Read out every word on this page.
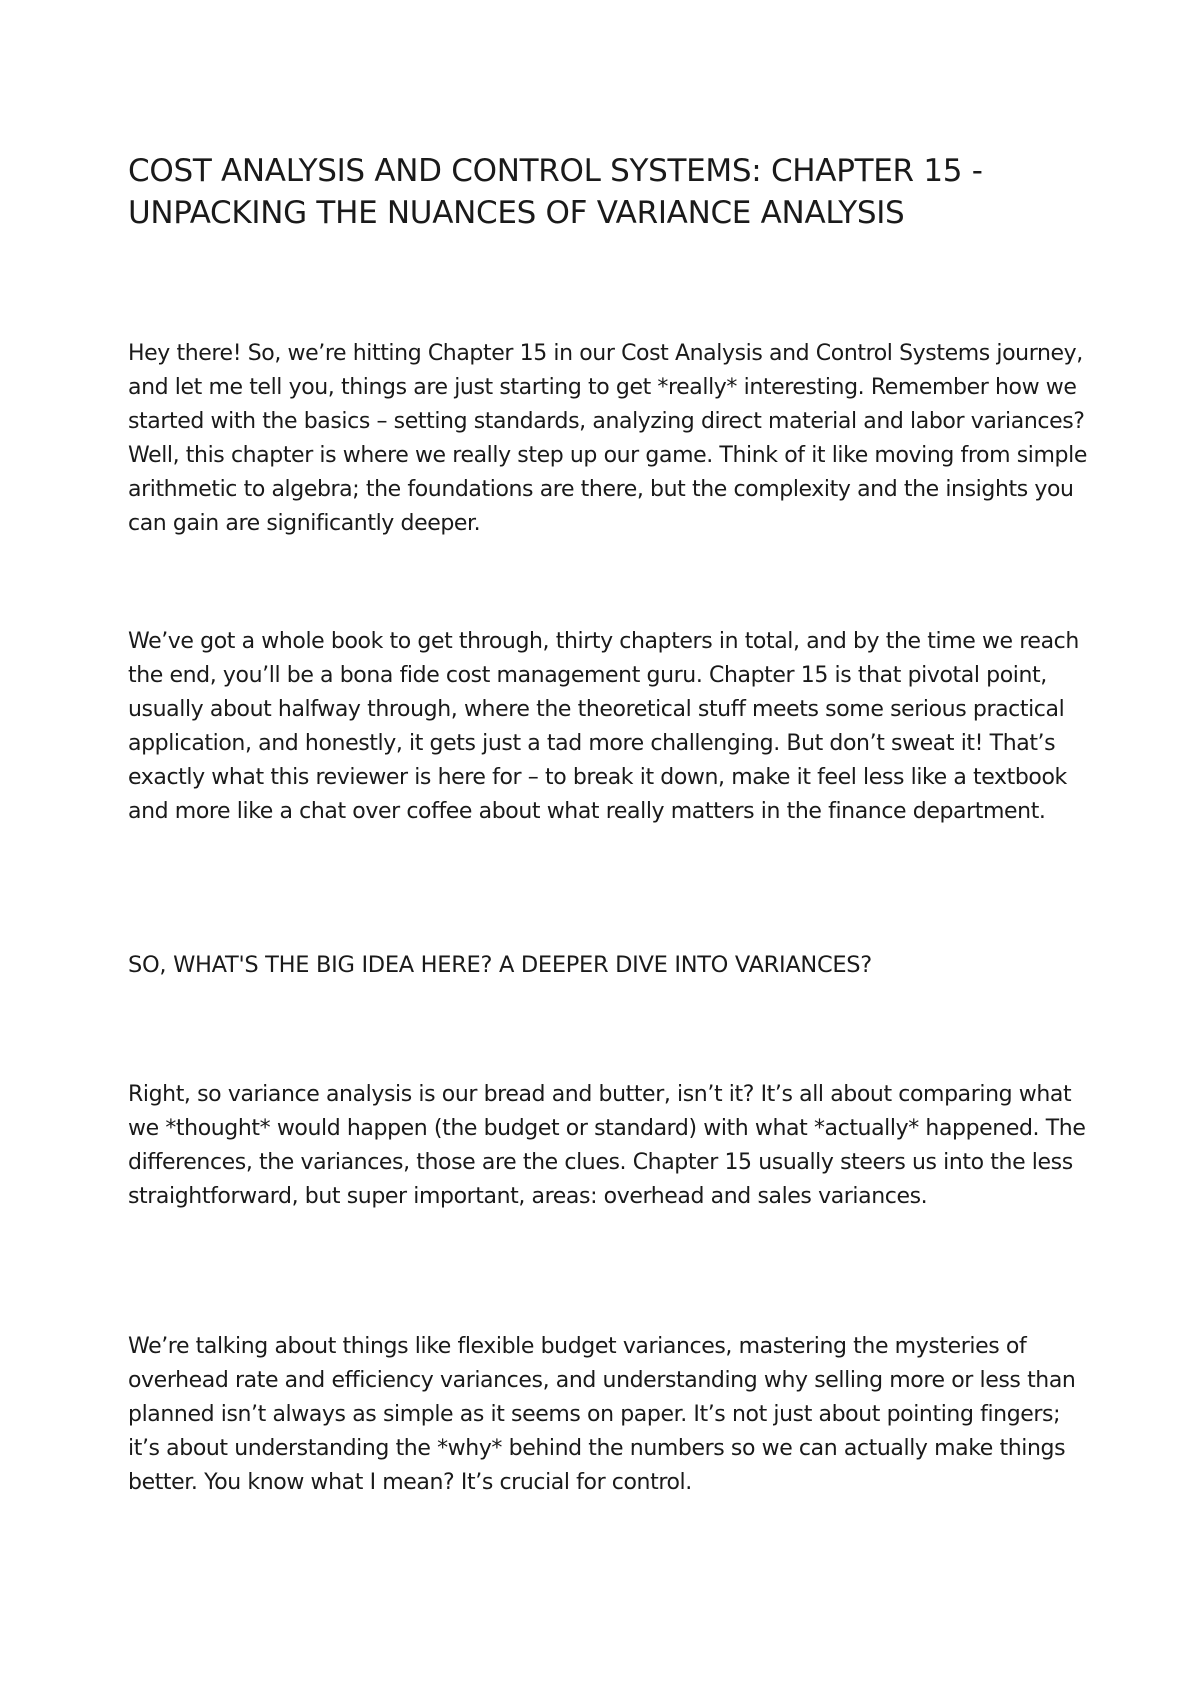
COST ANALYSIS AND CONTROL SYSTEMS: CHAPTER 15 - UNPACKING THE NUANCES OF VARIANCE ANALYSIS

Hey there! So, we’re hitting Chapter 15 in our Cost Analysis and Control Systems journey, and let me tell you, things are just starting to get *really* interesting. Remember how we started with the basics – setting standards, analyzing direct material and labor variances? Well, this chapter is where we really step up our game. Think of it like moving from simple arithmetic to algebra; the foundations are there, but the complexity and the insights you can gain are significantly deeper.

We’ve got a whole book to get through, thirty chapters in total, and by the time we reach the end, you’ll be a bona fide cost management guru. Chapter 15 is that pivotal point, usually about halfway through, where the theoretical stuff meets some serious practical application, and honestly, it gets just a tad more challenging. But don’t sweat it! That’s exactly what this reviewer is here for – to break it down, make it feel less like a textbook and more like a chat over coffee about what really matters in the finance department.

SO, WHAT'S THE BIG IDEA HERE? A DEEPER DIVE INTO VARIANCES?

Right, so variance analysis is our bread and butter, isn’t it? It’s all about comparing what we *thought* would happen (the budget or standard) with what *actually* happened. The differences, the variances, those are the clues. Chapter 15 usually steers us into the less straightforward, but super important, areas: overhead and sales variances.

We’re talking about things like flexible budget variances, mastering the mysteries of overhead rate and efficiency variances, and understanding why selling more or less than planned isn’t always as simple as it seems on paper. It’s not just about pointing fingers; it’s about understanding the *why* behind the numbers so we can actually make things better. You know what I mean? It’s crucial for control.
